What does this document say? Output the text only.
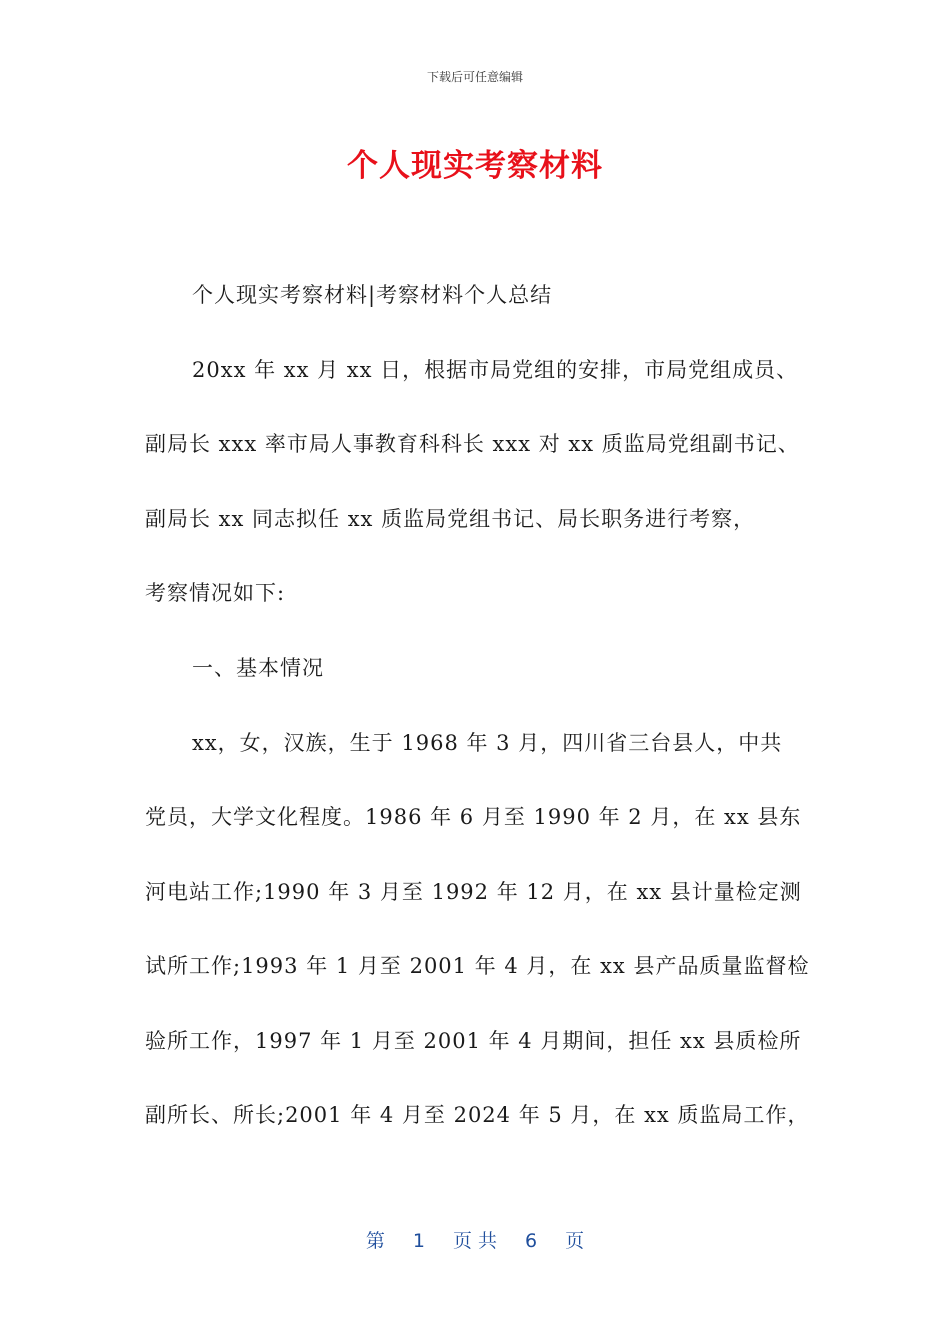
下载后可任意编辑
个人现实考察材料
个人现实考察材料|考察材料个人总结
20xx 年 xx 月 xx 日，根据市局党组的安排，市局党组成员、
副局长 xxx 率市局人事教育科科长 xxx 对 xx 质监局党组副书记、
副局长 xx 同志拟任 xx 质监局党组书记、局长职务进行考察，
考察情况如下:
一、基本情况
xx，女，汉族，生于 1968 年 3 月，四川省三台县人，中共
党员，大学文化程度。1986 年 6 月至 1990 年 2 月，在 xx 县东
河电站工作;1990 年 3 月至 1992 年 12 月，在 xx 县计量检定测
试所工作;1993 年 1 月至 2001 年 4 月，在 xx 县产品质量监督检
验所工作，1997 年 1 月至 2001 年 4 月期间，担任 xx 县质检所
副所长、所长;2001 年 4 月至 2024 年 5 月，在 xx 质监局工作，
第 1 页 共 6 页
